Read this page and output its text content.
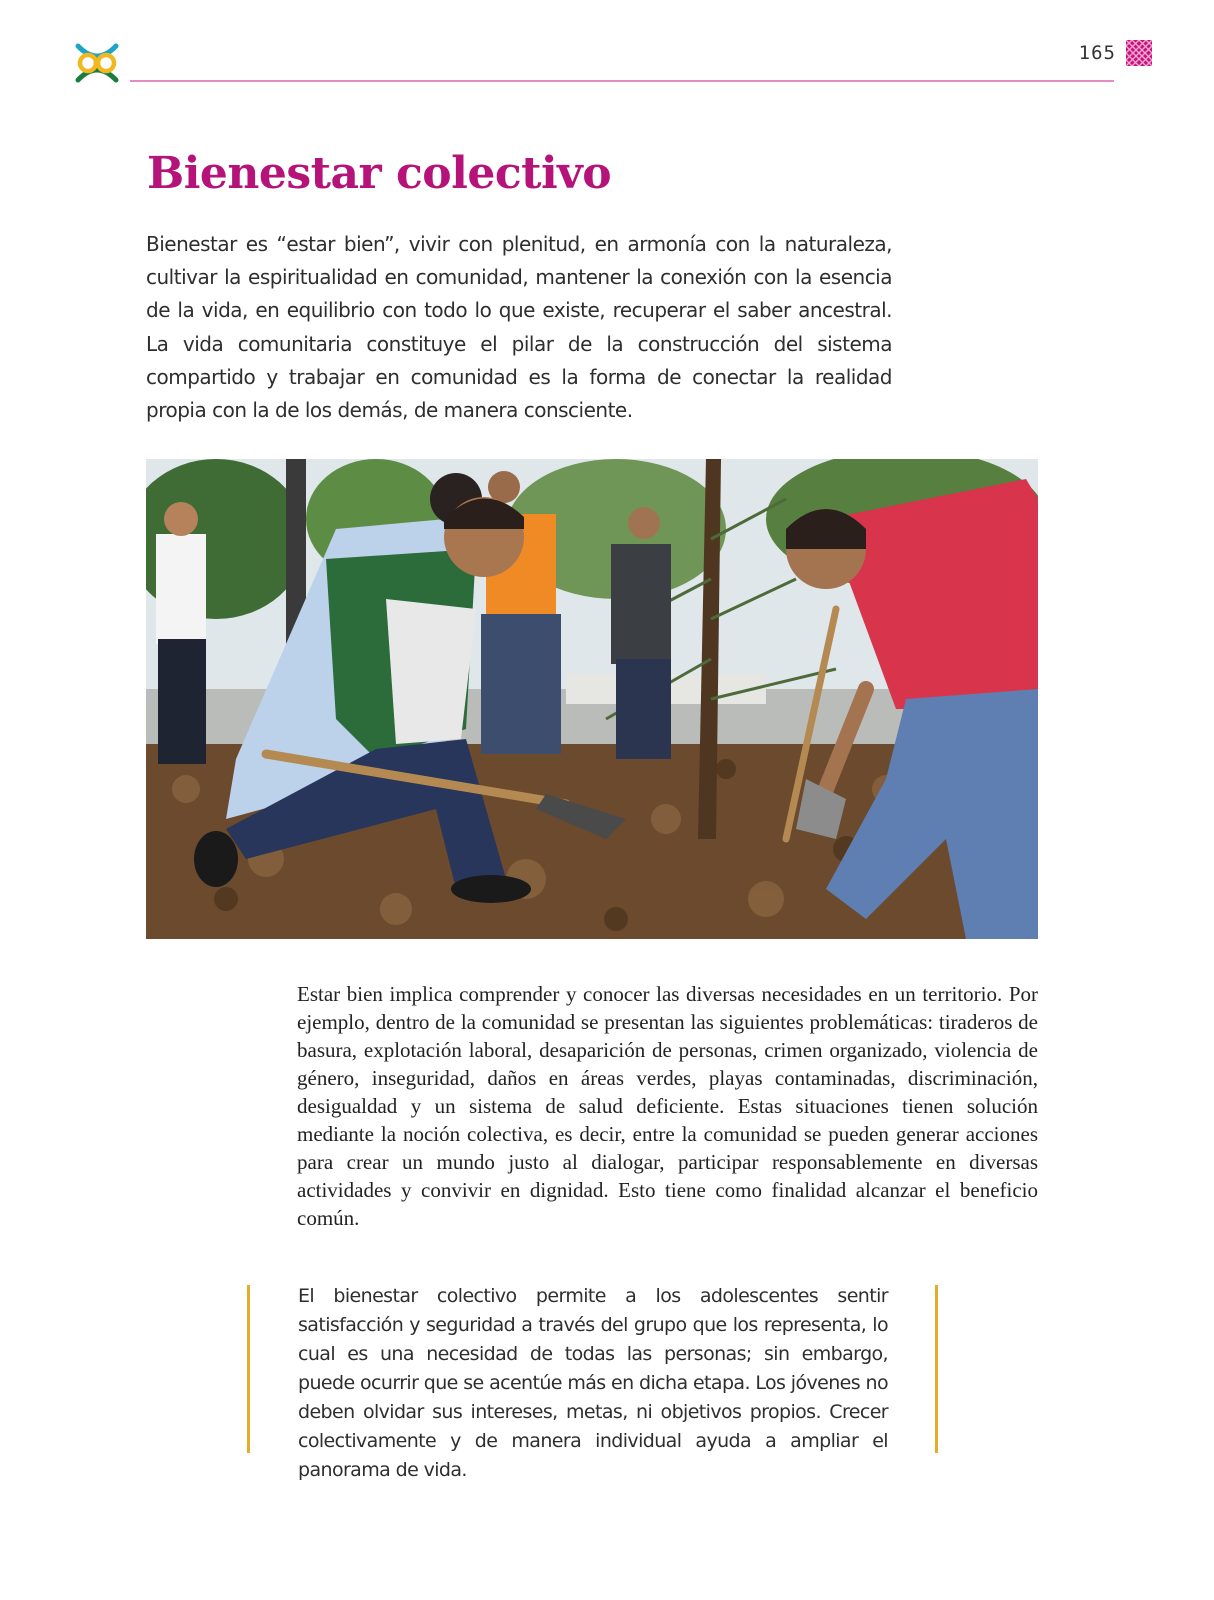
165
Bienestar colectivo

Bienestar es “estar bien”, vivir con plenitud, en armonía con la naturaleza, cultivar la espiritualidad en comunidad, mantener la conexión con la esencia de la vida, en equilibrio con todo lo que existe, recuperar el saber ancestral. La vida comunitaria constituye el pilar de la construcción del sistema compartido y trabajar en comunidad es la forma de conectar la realidad propia con la de los demás, de manera consciente.

Estar bien implica comprender y conocer las diversas necesidades en un territorio. Por ejemplo, dentro de la comunidad se presentan las siguientes problemáticas: tiraderos de basura, explotación laboral, desaparición de personas, crimen organizado, violencia de género, inseguridad, daños en áreas verdes, playas contaminadas, discriminación, desigualdad y un sistema de salud deficiente. Estas situaciones tienen solución mediante la noción colectiva, es decir, entre la comunidad se pueden generar acciones para crear un mundo justo al dialogar, participar responsablemente en diversas actividades y convivir en dignidad. Esto tiene como finalidad alcanzar el beneficio común.

El bienestar colectivo permite a los adolescentes sentir satisfacción y seguridad a través del grupo que los representa, lo cual es una necesidad de todas las personas; sin embargo, puede ocurrir que se acentúe más en dicha etapa. Los jóvenes no deben olvidar sus intereses, metas, ni objetivos propios. Crecer colectivamente y de manera individual ayuda a ampliar el panorama de vida.
